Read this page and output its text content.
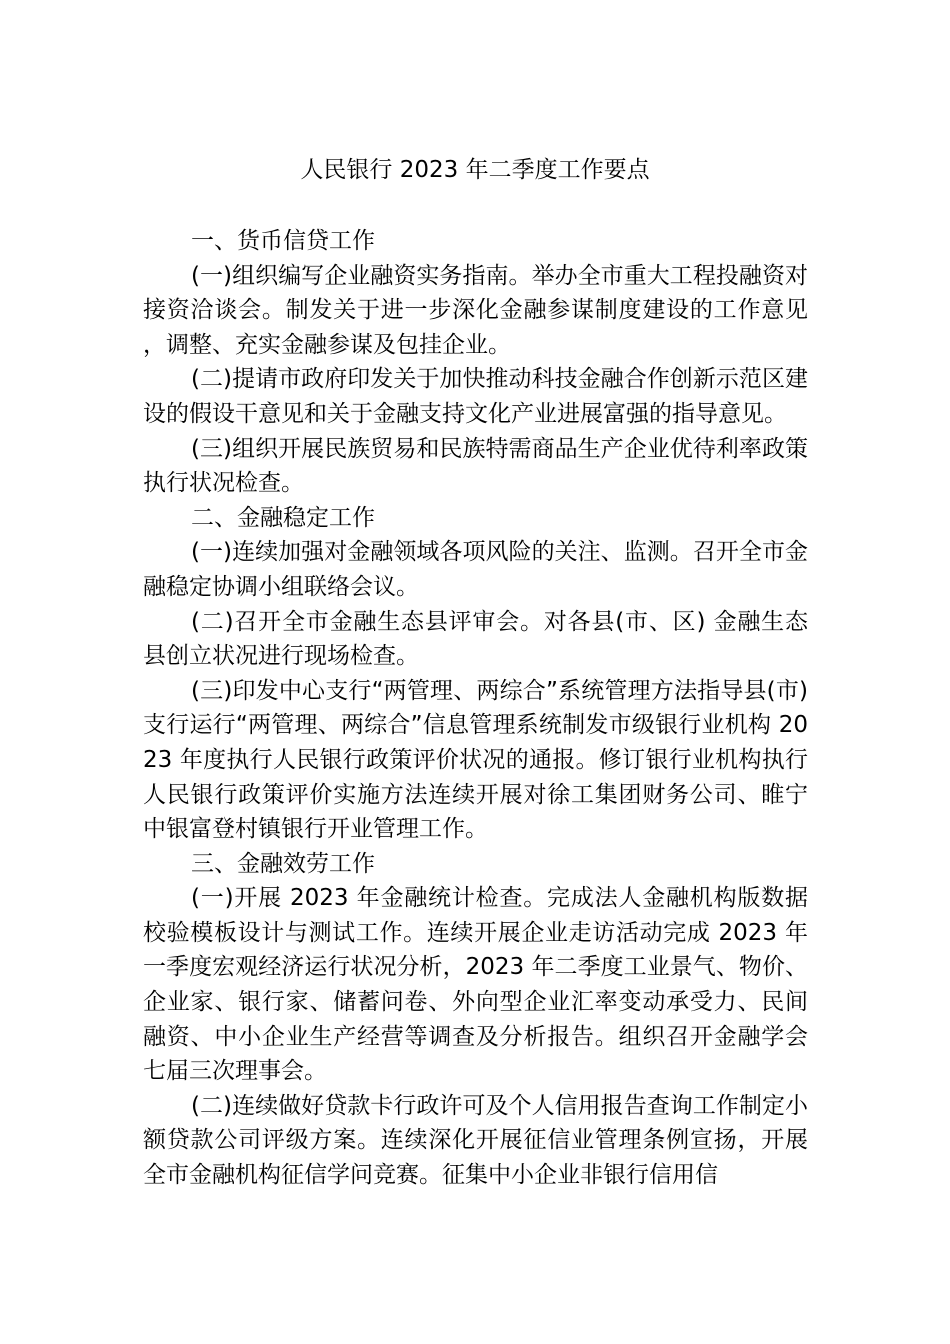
人民银行 2023 年二季度工作要点

一、货币信贷工作

(一)组织编写企业融资实务指南。举办全市重大工程投融资对接资洽谈会。制发关于进一步深化金融参谋制度建设的工作意见，调整、充实金融参谋及包挂企业。

(二)提请市政府印发关于加快推动科技金融合作创新示范区建设的假设干意见和关于金融支持文化产业进展富强的指导意见。

(三)组织开展民族贸易和民族特需商品生产企业优待利率政策执行状况检查。

二、金融稳定工作

(一)连续加强对金融领域各项风险的关注、监测。召开全市金融稳定协调小组联络会议。

(二)召开全市金融生态县评审会。对各县(市、区) 金融生态县创立状况进行现场检查。

(三)印发中心支行“两管理、两综合”系统管理方法指导县(市)支行运行“两管理、两综合”信息管理系统制发市级银行业机构 2023 年度执行人民银行政策评价状况的通报。修订银行业机构执行人民银行政策评价实施方法连续开展对徐工集团财务公司、睢宁中银富登村镇银行开业管理工作。

三、金融效劳工作

(一)开展 2023 年金融统计检查。完成法人金融机构版数据校验模板设计与测试工作。连续开展企业走访活动完成 2023 年一季度宏观经济运行状况分析，2023 年二季度工业景气、物价、企业家、银行家、储蓄问卷、外向型企业汇率变动承受力、民间融资、中小企业生产经营等调查及分析报告。组织召开金融学会七届三次理事会。

(二)连续做好贷款卡行政许可及个人信用报告查询工作制定小额贷款公司评级方案。连续深化开展征信业管理条例宣扬，开展全市金融机构征信学问竞赛。征集中小企业非银行信用信
